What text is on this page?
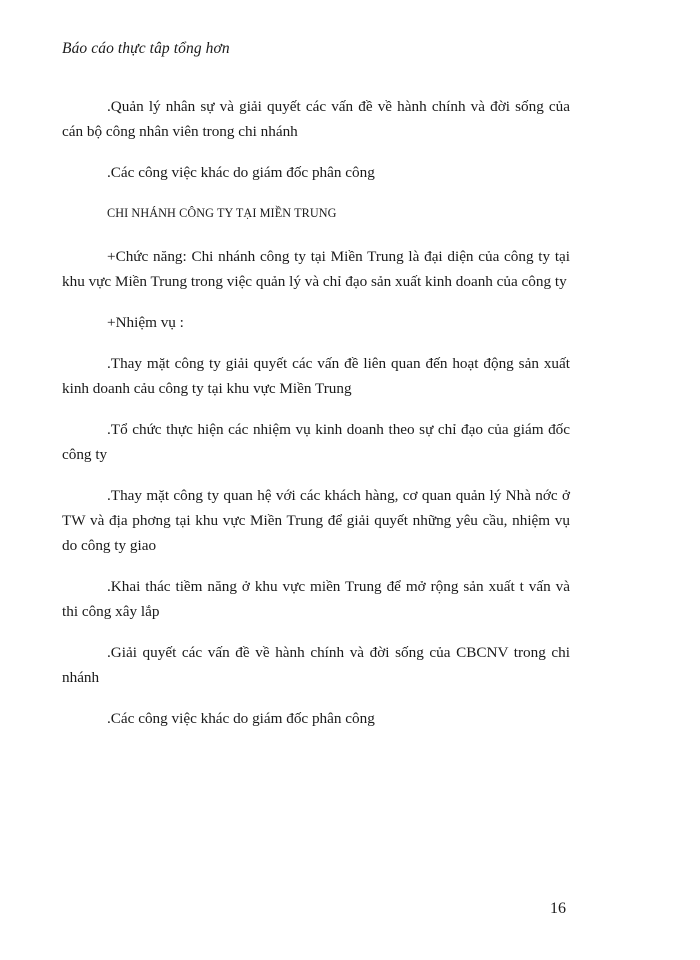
Báo cáo thực tâp tổng hơn

.Quản lý nhân sự và giải quyết các vấn đề về hành chính và đời sống của cán bộ công nhân viên trong chi nhánh

.Các công việc khác do giám đốc phân công

CHI NHÁNH CÔNG TY TẠI MIỀN TRUNG

+Chức năng: Chi nhánh công ty tại Miền Trung là đại diện của công ty tại khu vực Miền Trung trong việc quản lý và chỉ đạo sản xuất kinh doanh của công ty

+Nhiệm vụ :

.Thay mặt công ty giải quyết các vấn đề liên quan đến hoạt động sản xuất kinh doanh cảu công ty tại khu vực Miền Trung

.Tổ chức thực hiện các nhiệm vụ kinh doanh theo sự chỉ đạo của giám đốc công ty

.Thay mặt công ty quan hệ với các khách hàng, cơ quan quản lý Nhà nớc ở TW và địa phơng tại khu vực Miền Trung để giải quyết những yêu cầu, nhiệm vụ do công ty giao

.Khai thác tiềm năng ở khu vực miền Trung để mở rộng sản xuất t vấn và thi công xây lắp

.Giải quyết các vấn đề về hành chính và đời sống của CBCNV trong chi nhánh

.Các công việc khác do giám đốc phân công

16
